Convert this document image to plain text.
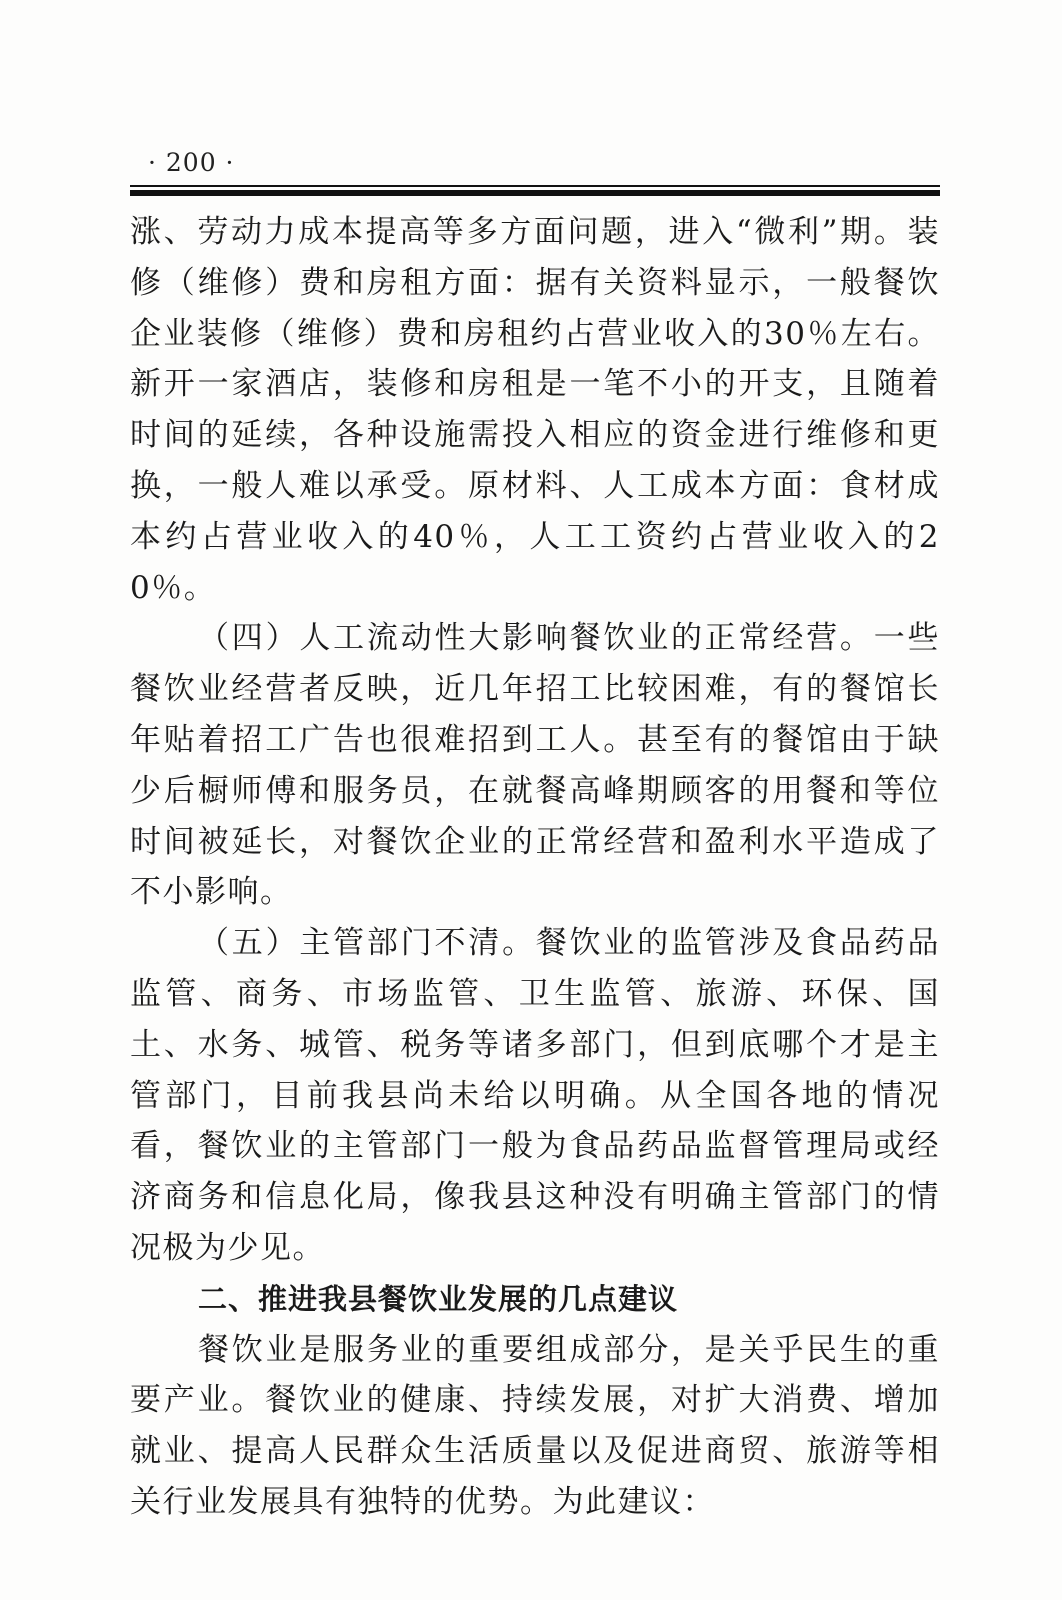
· 200 ·

涨、劳动力成本提高等多方面问题，进入“微利”期。装修（维修）费和房租方面：据有关资料显示，一般餐饮企业装修（维修）费和房租约占营业收入的30％左右。新开一家酒店，装修和房租是一笔不小的开支，且随着时间的延续，各种设施需投入相应的资金进行维修和更换，一般人难以承受。原材料、人工成本方面：食材成本约占营业收入的40％，人工工资约占营业收入的20％。

（四）人工流动性大影响餐饮业的正常经营。一些餐饮业经营者反映，近几年招工比较困难，有的餐馆长年贴着招工广告也很难招到工人。甚至有的餐馆由于缺少后橱师傅和服务员，在就餐高峰期顾客的用餐和等位时间被延长，对餐饮企业的正常经营和盈利水平造成了不小影响。

（五）主管部门不清。餐饮业的监管涉及食品药品监管、商务、市场监管、卫生监管、旅游、环保、国土、水务、城管、税务等诸多部门，但到底哪个才是主管部门，目前我县尚未给以明确。从全国各地的情况看，餐饮业的主管部门一般为食品药品监督管理局或经济商务和信息化局，像我县这种没有明确主管部门的情况极为少见。

二、推进我县餐饮业发展的几点建议

餐饮业是服务业的重要组成部分，是关乎民生的重要产业。餐饮业的健康、持续发展，对扩大消费、增加就业、提高人民群众生活质量以及促进商贸、旅游等相关行业发展具有独特的优势。为此建议：
